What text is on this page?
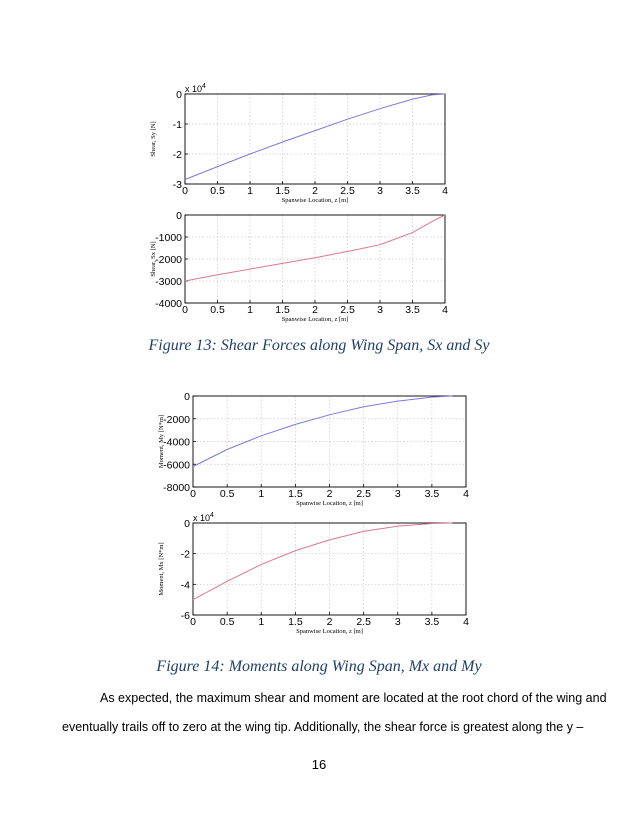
0 0.5 1 1.5 2 2.5 3 3.5 4
0
-1
-2
-3
x $10^4$
Spanwise Location, z [m]
Shear, Sy [N]
0 0.5 1 1.5 2 2.5 3 3.5 4
0
-1000
-2000
-3000
-4000
Spanwise Location, z [m]
Shear, Sx [N]
Figure 13: Shear Forces along Wing Span, Sx and Sy
0 0.5 1 1.5 2 2.5 3 3.5 4
0
-2000
-4000
-6000
-8000
Spanwise Location, z [m]
Moment, My [N*m]
0 0.5 1 1.5 2 2.5 3 3.5 4
0
-2
-4
-6
x $10^4$
Spanwise Location, z [m]
Moment, Mx [N*m]
Figure 14: Moments along Wing Span, Mx and My
As expected, the maximum shear and moment are located at the root chord of the wing and
eventually trails off to zero at the wing tip. Additionally, the shear force is greatest along the y –
16
